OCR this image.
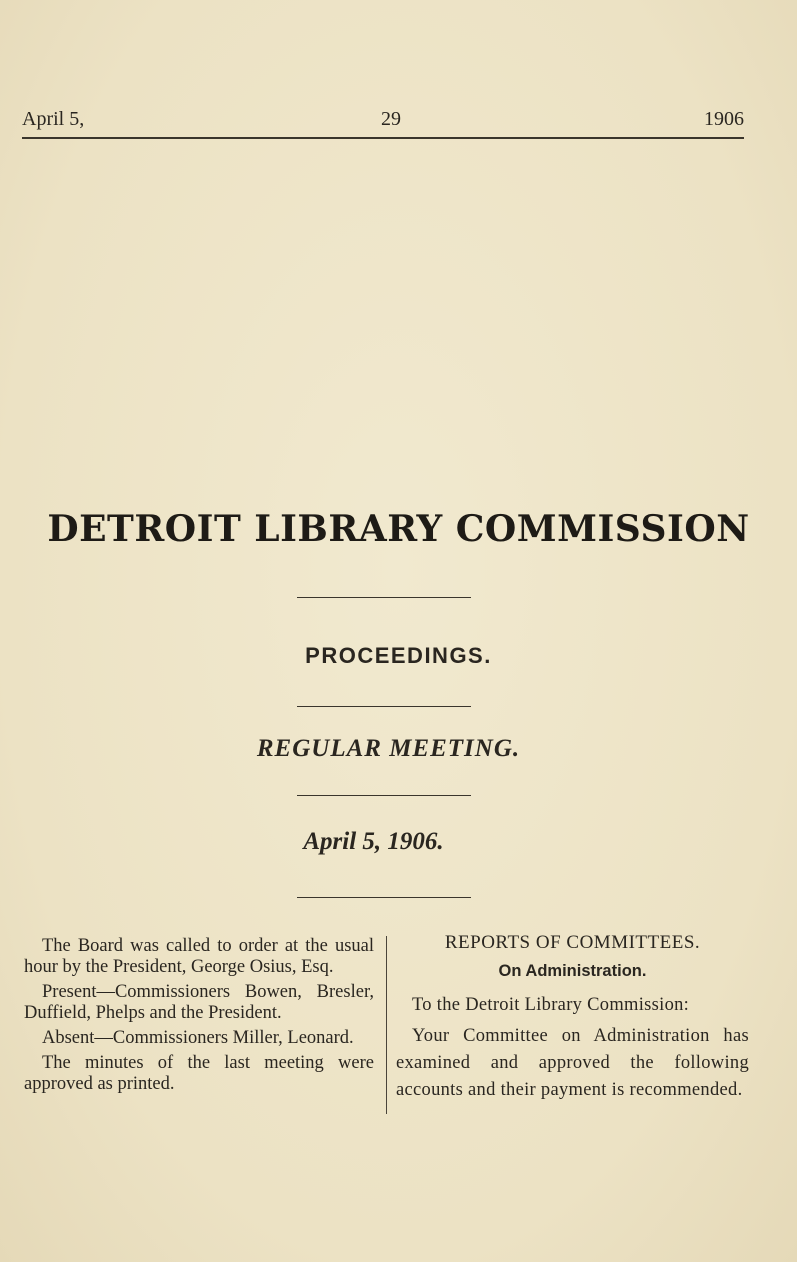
April 5,	29	1906
DETROIT LIBRARY COMMISSION
PROCEEDINGS.
REGULAR MEETING.
April 5, 1906.

The Board was called to order at the usual hour by the President, George Osius, Esq.

Present—Commissioners Bowen, Bresler, Duffield, Phelps and the President.

Absent—Commissioners Miller, Leonard.

The minutes of the last meeting were approved as printed.

REPORTS OF COMMITTEES.
On Administration.

To the Detroit Library Commission:

Your Committee on Administration has examined and approved the following accounts and their payment is recommended.
